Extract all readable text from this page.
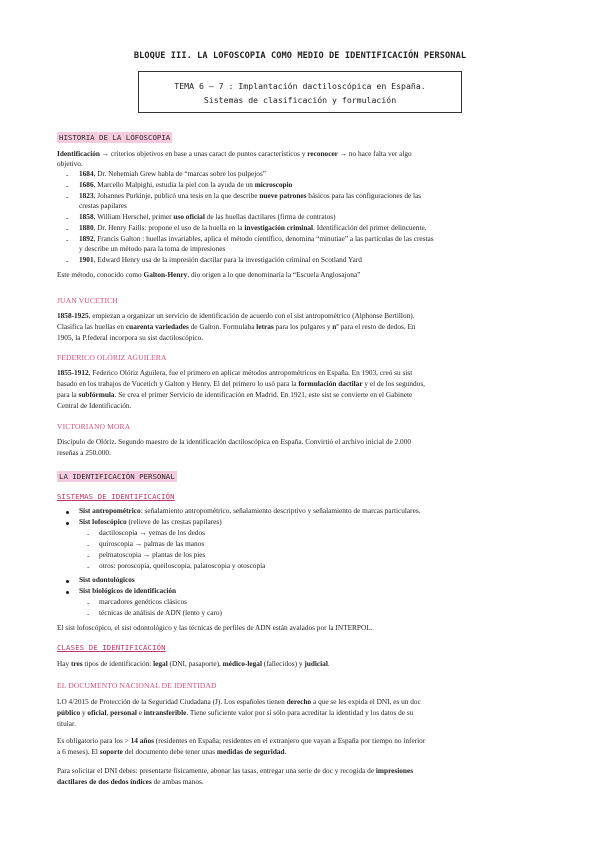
BLOQUE III. LA LOFOSCOPIA COMO MEDIO DE IDENTIFICACIÓN PERSONAL
TEMA 6 – 7 : Implantación dactiloscópica en España.
Sistemas de clasificación y formulación
HISTORIA DE LA LOFOSCOPIA
Identificación → criterios objetivos en base a unas caract de puntos característicos y reconocer → no hace falta ver algo
objetivo.
- 1684, Dr. Nehemiah Grew habla de “marcas sobre los pulpejos”
- 1686, Marcello Malpighi, estudia la piel con la ayuda de un microscopio
- 1823, Johannes Purkinje, publicó una tesis en la que describe nueve patrones básicos para las configuraciones de las
crestas papilares
- 1858, William Herschel, primer uso oficial de las huellas dactilares (firma de contratos)
- 1880, Dr. Henry Faills: propone el uso de la huella en la investigación criminal. Identificación del primer delincuente.
- 1892, Francis Galton : huellas invariables, aplica el método científico, denomina “minutiae” a las partículas de las crestas
y describe un método para la toma de impresiones
- 1901, Edward Henry usa de la impresión dactilar para la investigación criminal en Scotland Yard
Este método, conocido como Galton-Henry, dio origen a lo que denominaría la “Escuela Anglosajona”
JUAN VUCETICH
1858-1925, empiezan a organizar un servicio de identificación de acuerdo con el sist antropométrico (Alphonse Bertillon).
Clasifica las huellas en cuarenta variedades de Galton. Formulaba letras para los pulgares y nº para el resto de dedos. En
1905, la P.federal incorpora su sist dactiloscópico.
FEDERICO OLÓRIZ AGUILERA
1855-1912, Federico Olóriz Aguilera, fue el primero en aplicar métodos antropométricos en España. En 1903, creó su sist
basado en los trabajos de Vucetich y Galton y Henry. El del primero lo usó para la formulación dactilar y el de los segundos,
para la subfórmula. Se crea el primer Servicio de identificación en Madrid. En 1921, este sist se convierte en el Gabinete
Central de Identificación.
VICTORIANO MORA
Discípulo de Olóriz. Segundo maestro de la identificación dactiloscópica en España. Convirtió el archivo inicial de 2.000
reseñas a 250.000.
LA IDENTIFICACIÓN PERSONAL
SISTEMAS DE IDENTIFICACIÓN
Sist antropométrico: señalamiento antropométrico, señalamiento descriptivo y señalamiento de marcas particulares.
Sist lofoscópico (relieve de las crestas papilares)
- dactiloscopia → yemas de los dedos
- quiroscopia → palmas de las manos
- pelmatoscopia → plantas de los pies
- otros: poroscopia, queiloscopia, palatoscopia y otoscopia
Sist odontológicos
Sist biológicos de identificación
- marcadores genéticos clásicos
- técnicas de análisis de ADN (lento y caro)
El sist lofoscópico, el sist odontológico y las técnicas de perfiles de ADN están avalados por la INTERPOL.
CLASES DE IDENTIFICACIÓN
Hay tres tipos de identificación: legal (DNI, pasaporte), médico-legal (fallecidos) y judicial.
EL DOCUMENTO NACIONAL DE IDENTIDAD
LO 4/2015 de Protección de la Seguridad Ciudadana (J). Los españoles tienen derecho a que se les expida el DNI, es un doc
público y oficial, personal e intransferible. Tiene suficiente valor por sí sólo para acreditar la identidad y los datos de su
titular.
Es obligatorio para los > 14 años (residentes en España; residentes en el extranjero que vayan a España por tiempo no inferior
a 6 meses). El soporte del documento debe tener unas medidas de seguridad.
Para solicitar el DNI debes: presentarte físicamente, abonar las tasas, entregar una serie de doc y recogida de impresiones
dactilares de dos dedos índices de ambas manos.
